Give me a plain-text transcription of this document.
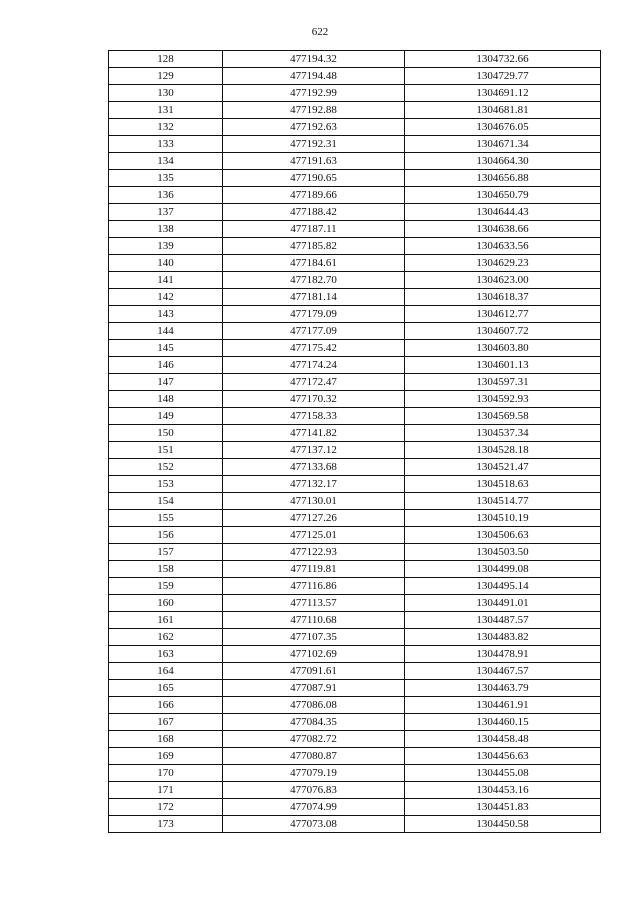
622
128	477194.32	1304732.66
129	477194.48	1304729.77
130	477192.99	1304691.12
131	477192.88	1304681.81
132	477192.63	1304676.05
133	477192.31	1304671.34
134	477191.63	1304664.30
135	477190.65	1304656.88
136	477189.66	1304650.79
137	477188.42	1304644.43
138	477187.11	1304638.66
139	477185.82	1304633.56
140	477184.61	1304629.23
141	477182.70	1304623.00
142	477181.14	1304618.37
143	477179.09	1304612.77
144	477177.09	1304607.72
145	477175.42	1304603.80
146	477174.24	1304601.13
147	477172.47	1304597.31
148	477170.32	1304592.93
149	477158.33	1304569.58
150	477141.82	1304537.34
151	477137.12	1304528.18
152	477133.68	1304521.47
153	477132.17	1304518.63
154	477130.01	1304514.77
155	477127.26	1304510.19
156	477125.01	1304506.63
157	477122.93	1304503.50
158	477119.81	1304499.08
159	477116.86	1304495.14
160	477113.57	1304491.01
161	477110.68	1304487.57
162	477107.35	1304483.82
163	477102.69	1304478.91
164	477091.61	1304467.57
165	477087.91	1304463.79
166	477086.08	1304461.91
167	477084.35	1304460.15
168	477082.72	1304458.48
169	477080.87	1304456.63
170	477079.19	1304455.08
171	477076.83	1304453.16
172	477074.99	1304451.83
173	477073.08	1304450.58
